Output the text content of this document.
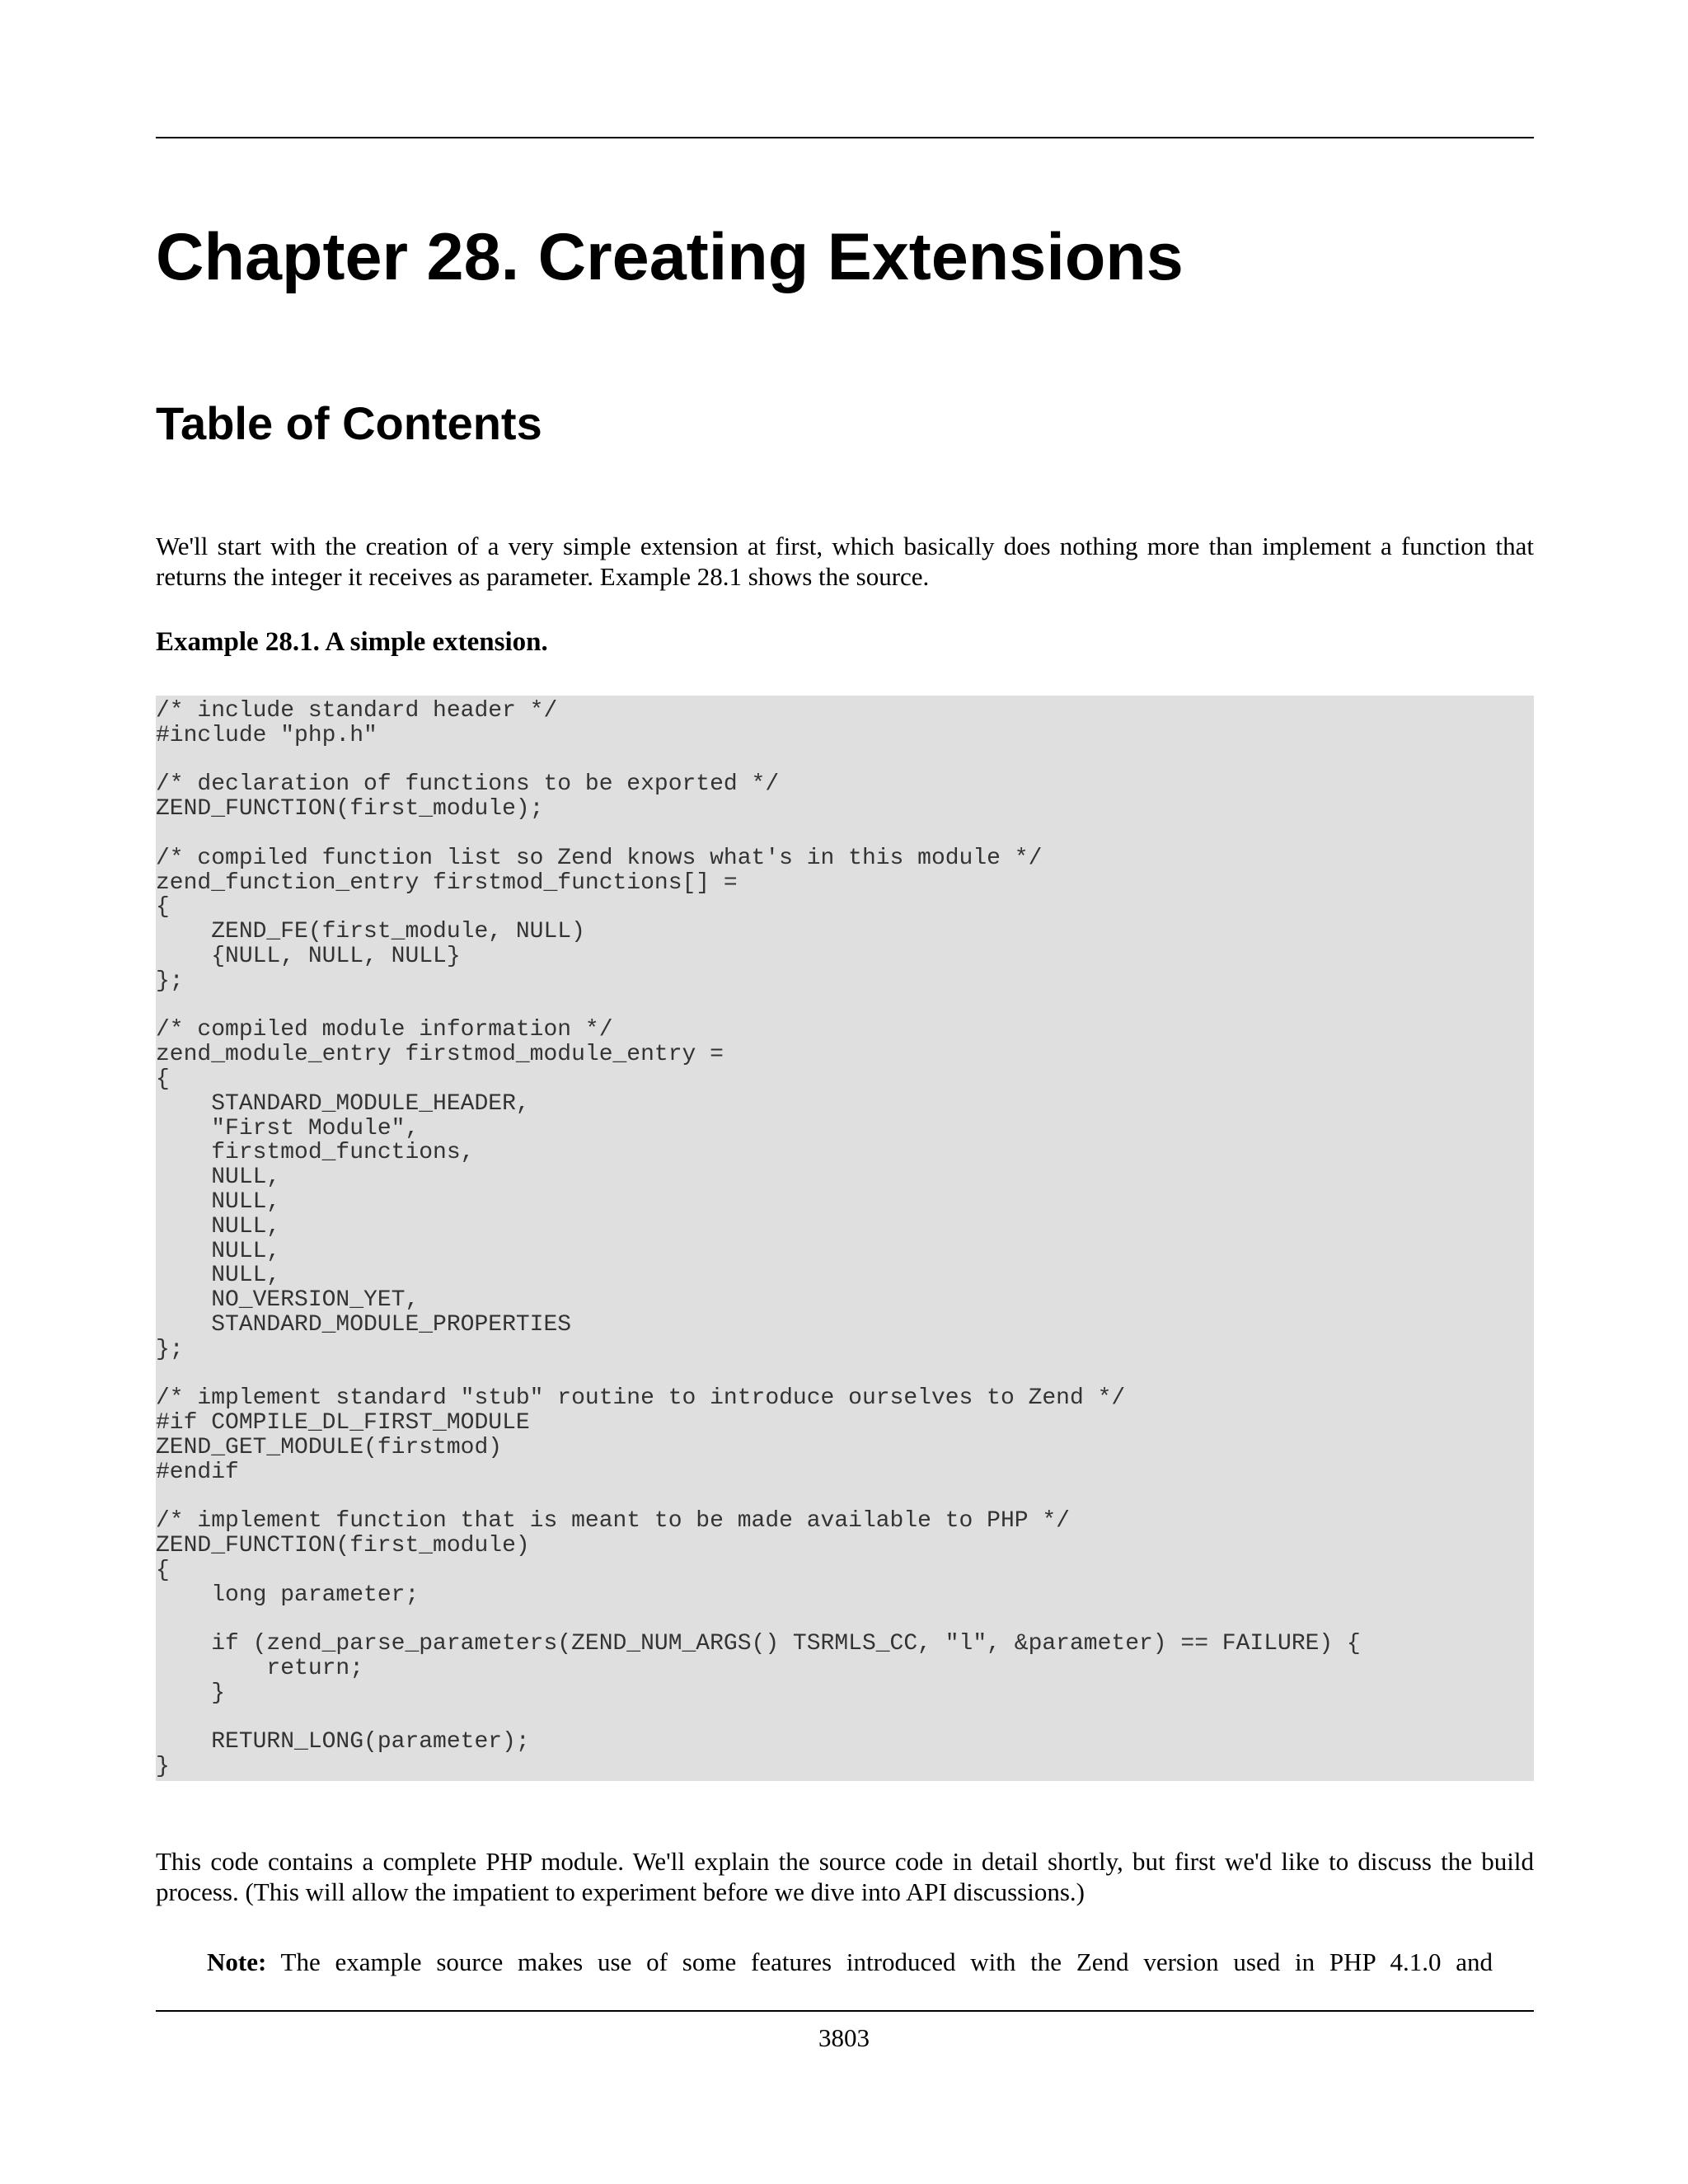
Chapter 28. Creating Extensions
Table of Contents

We'll start with the creation of a very simple extension at first, which basically does nothing more than implement a function that returns the integer it receives as parameter. Example 28.1 shows the source.

Example 28.1. A simple extension.
/* include standard header */
#include "php.h"
/* declaration of functions to be exported */
ZEND_FUNCTION(first_module);
/* compiled function list so Zend knows what's in this module */
zend_function_entry firstmod_functions[] =
{
ZEND_FE(first_module, NULL)
{NULL, NULL, NULL}
};
/* compiled module information */
zend_module_entry firstmod_module_entry =
{
STANDARD_MODULE_HEADER,
"First Module",
firstmod_functions,
NULL,
NULL,
NULL,
NULL,
NULL,
NO_VERSION_YET,
STANDARD_MODULE_PROPERTIES
};
/* implement standard "stub" routine to introduce ourselves to Zend */
#if COMPILE_DL_FIRST_MODULE
ZEND_GET_MODULE(firstmod)
#endif
/* implement function that is meant to be made available to PHP */
ZEND_FUNCTION(first_module)
{
long parameter;
if (zend_parse_parameters(ZEND_NUM_ARGS() TSRMLS_CC, "l", &parameter) == FAILURE) {
return;
}
RETURN_LONG(parameter);
}

This code contains a complete PHP module. We'll explain the source code in detail shortly, but first we'd like to discuss the build process. (This will allow the impatient to experiment before we dive into API discussions.)

Note: The example source makes use of some features introduced with the Zend version used in PHP 4.1.0 and

3803
